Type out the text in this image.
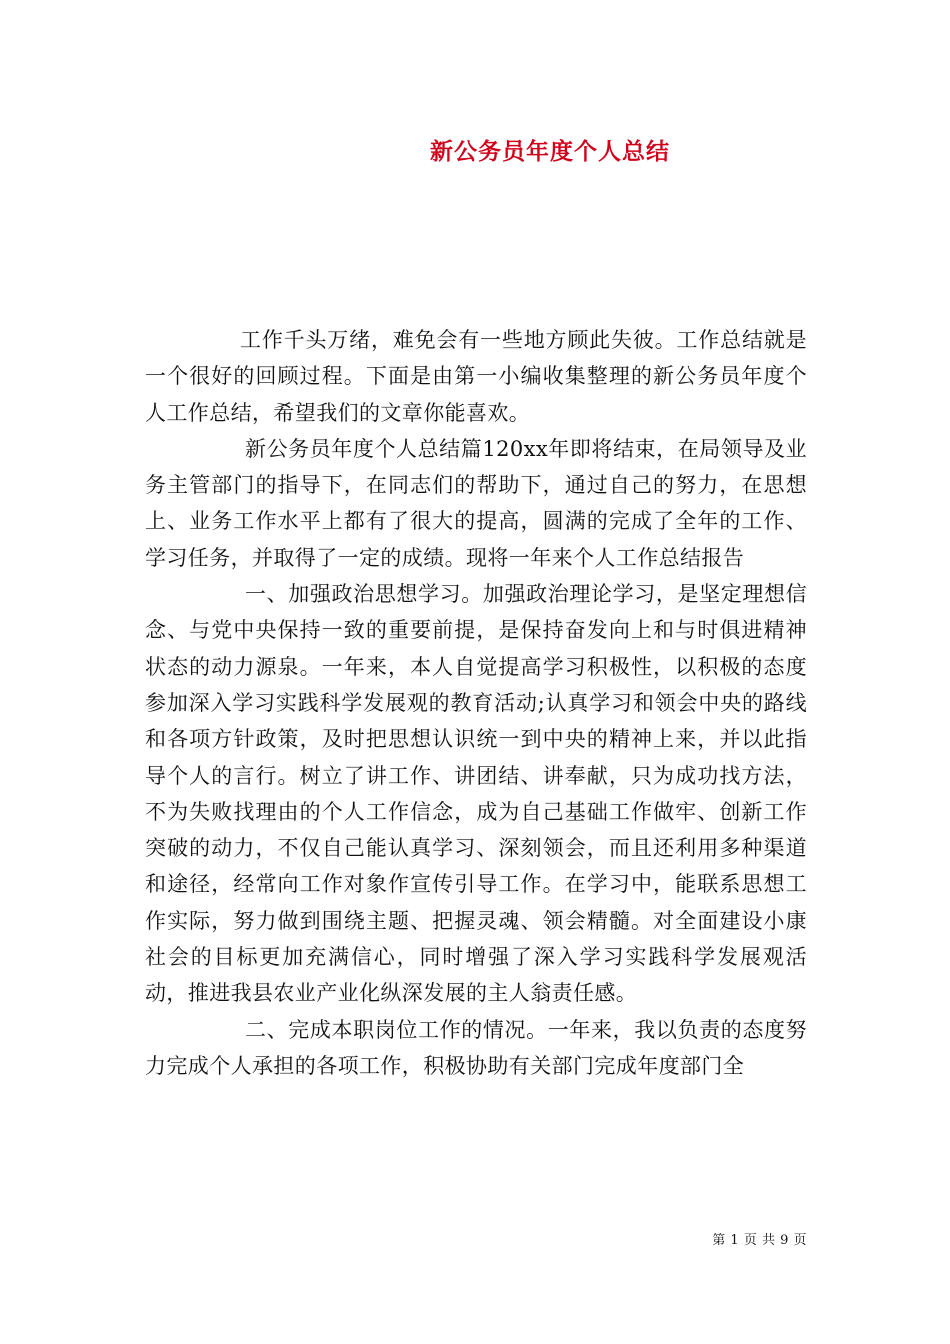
新公务员年度个人总结

工作千头万绪，难免会有一些地方顾此失彼。工作总结就是一个很好的回顾过程。下面是由第一小编收集整理的新公务员年度个人工作总结，希望我们的文章你能喜欢。

新公务员年度个人总结篇120xx年即将结束，在局领导及业务主管部门的指导下，在同志们的帮助下，通过自己的努力，在思想上、业务工作水平上都有了很大的提高，圆满的完成了全年的工作、学习任务，并取得了一定的成绩。现将一年来个人工作总结报告

一、加强政治思想学习。加强政治理论学习，是坚定理想信念、与党中央保持一致的重要前提，是保持奋发向上和与时俱进精神状态的动力源泉。一年来，本人自觉提高学习积极性，以积极的态度参加深入学习实践科学发展观的教育活动;认真学习和领会中央的路线和各项方针政策，及时把思想认识统一到中央的精神上来，并以此指导个人的言行。树立了讲工作、讲团结、讲奉献，只为成功找方法，不为失败找理由的个人工作信念，成为自己基础工作做牢、创新工作突破的动力，不仅自己能认真学习、深刻领会，而且还利用多种渠道和途径，经常向工作对象作宣传引导工作。在学习中，能联系思想工作实际，努力做到围绕主题、把握灵魂、领会精髓。对全面建设小康社会的目标更加充满信心，同时增强了深入学习实践科学发展观活动，推进我县农业产业化纵深发展的主人翁责任感。

二、完成本职岗位工作的情况。一年来，我以负责的态度努力完成个人承担的各项工作，积极协助有关部门完成年度部门全

第 1 页 共 9 页
